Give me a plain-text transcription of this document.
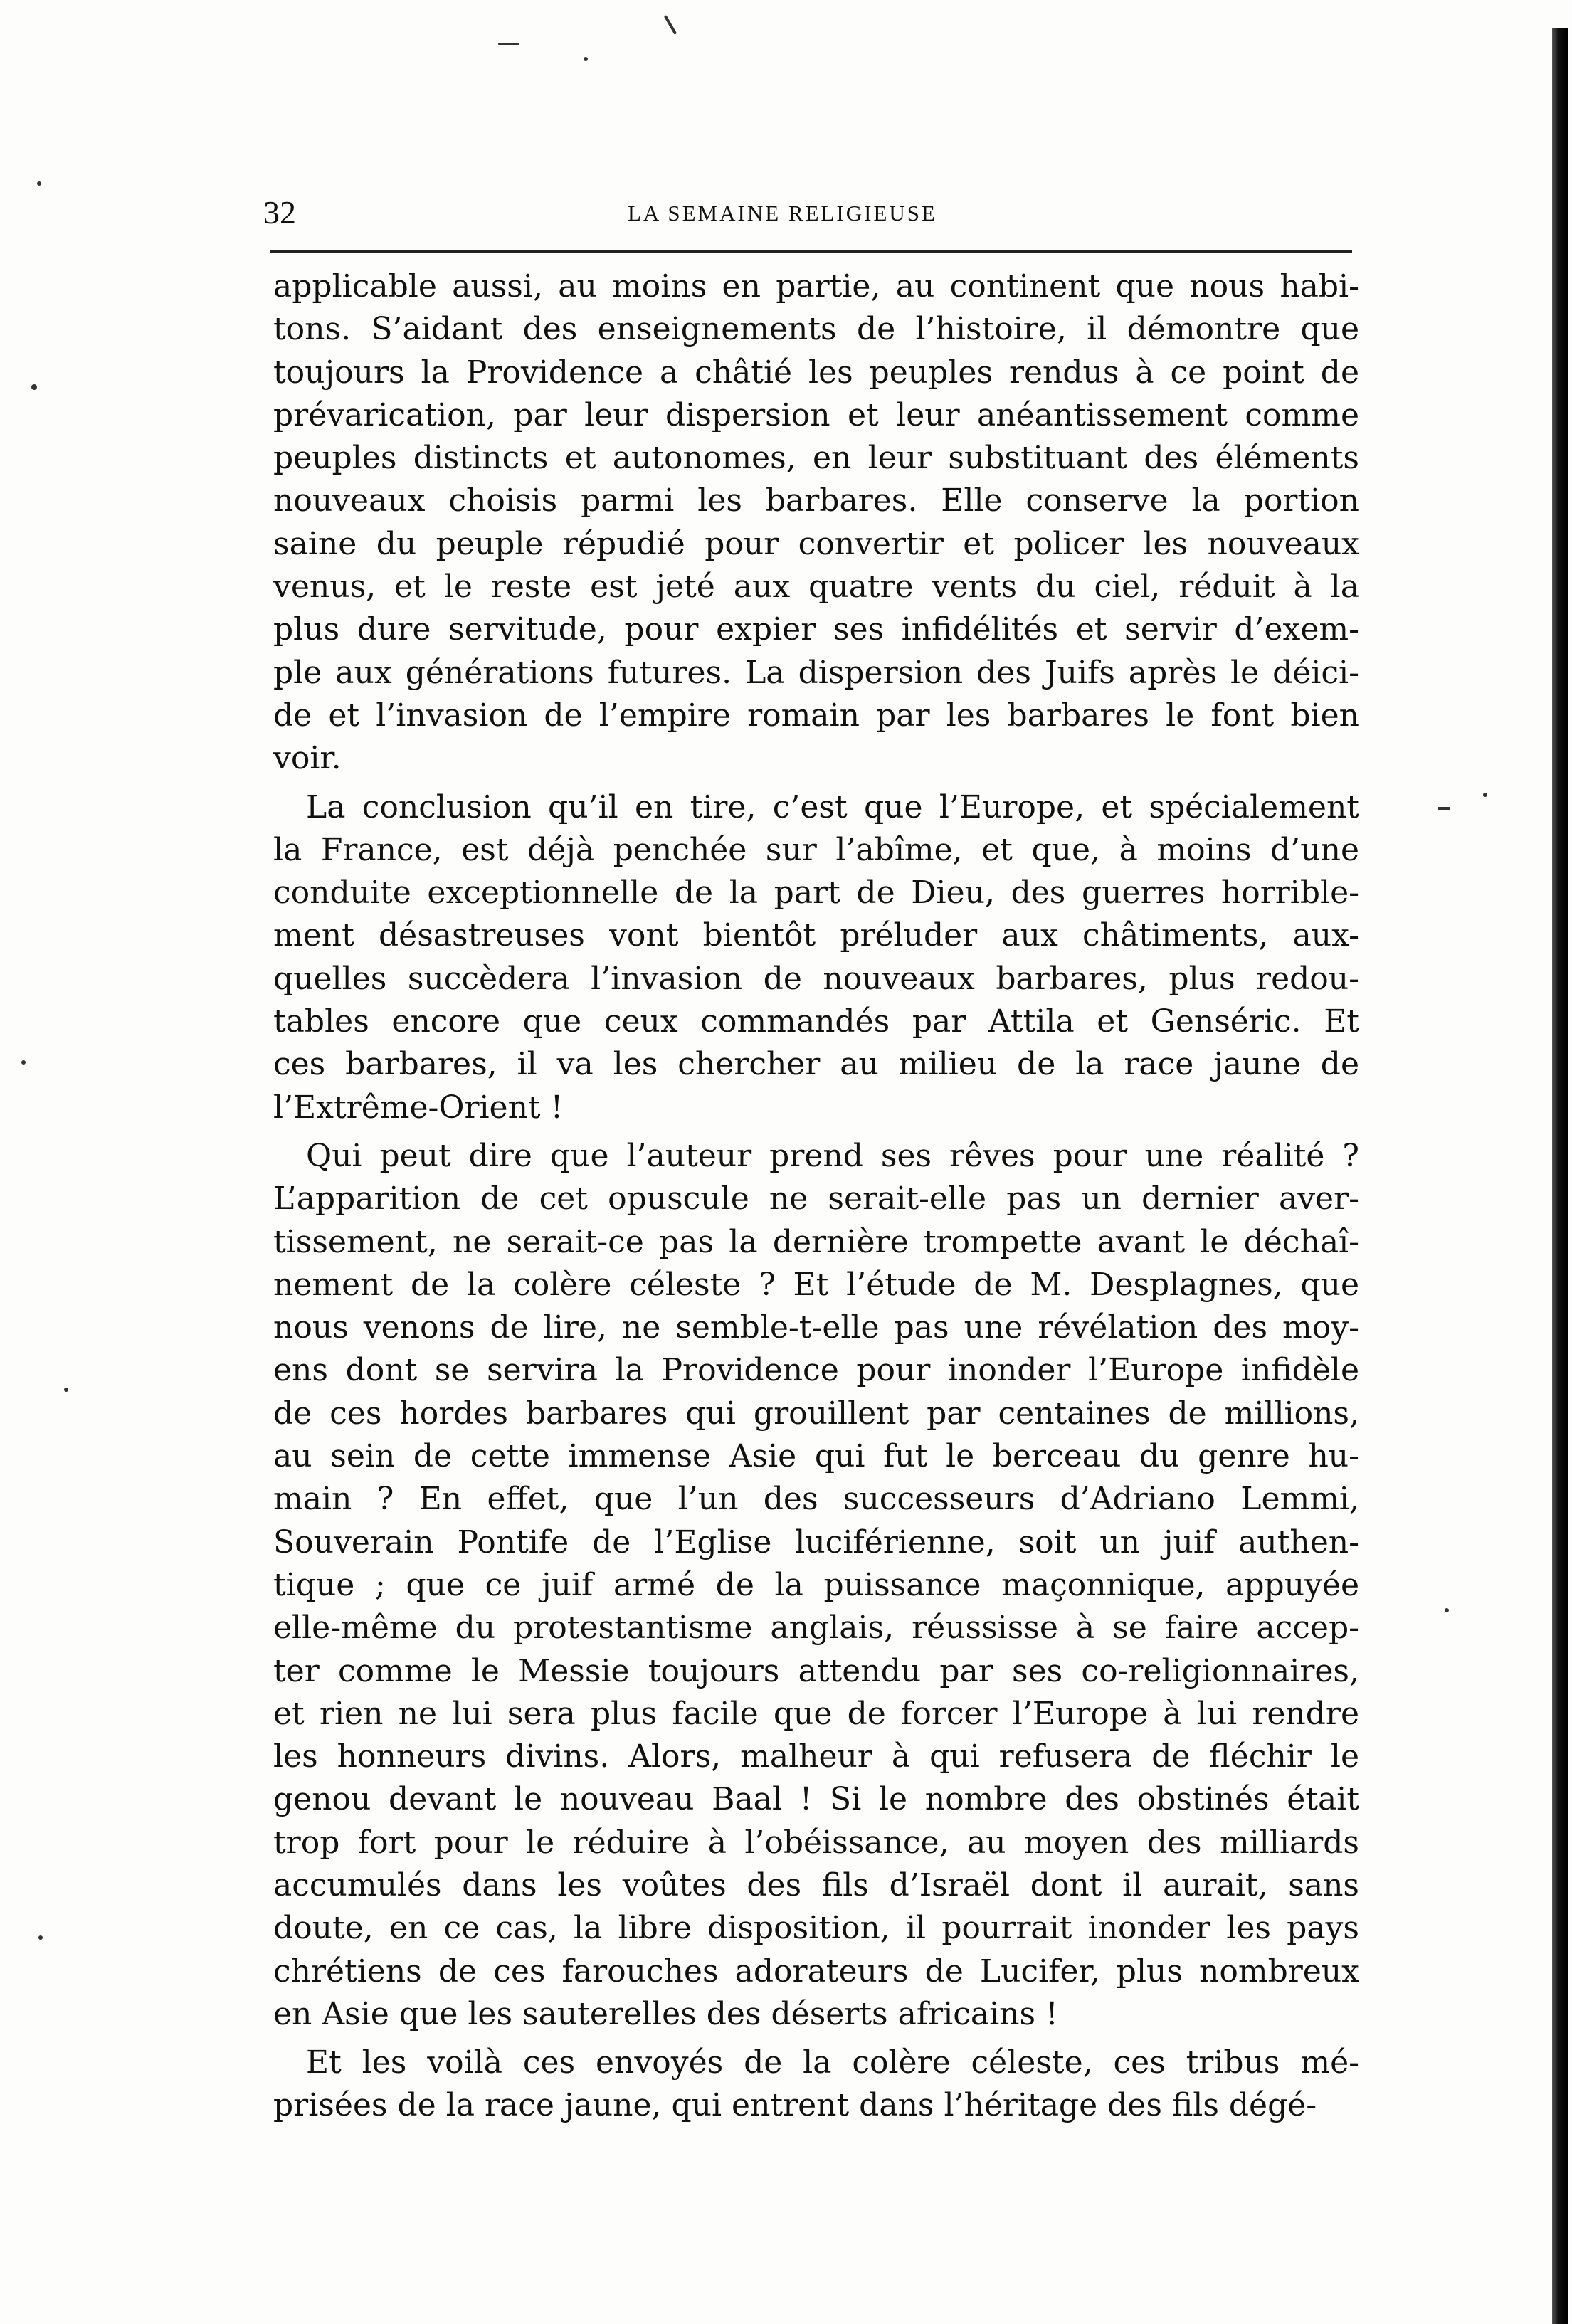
32	LA SEMAINE RELIGIEUSE
applicable aussi, au moins en partie, au continent que nous habi-
tons. S’aidant des enseignements de l’histoire, il démontre que
toujours la Providence a châtié les peuples rendus à ce point de
prévarication, par leur dispersion et leur anéantissement comme
peuples distincts et autonomes, en leur substituant des éléments
nouveaux choisis parmi les barbares. Elle conserve la portion
saine du peuple répudié pour convertir et policer les nouveaux
venus, et le reste est jeté aux quatre vents du ciel, réduit à la
plus dure servitude, pour expier ses infidélités et servir d’exem-
ple aux générations futures. La dispersion des Juifs après le déici-
de et l’invasion de l’empire romain par les barbares le font bien
voir.
La conclusion qu’il en tire, c’est que l’Europe, et spécialement
la France, est déjà penchée sur l’abîme, et que, à moins d’une
conduite exceptionnelle de la part de Dieu, des guerres horrible-
ment désastreuses vont bientôt préluder aux châtiments, aux-
quelles succèdera l’invasion de nouveaux barbares, plus redou-
tables encore que ceux commandés par Attila et Genséric. Et
ces barbares, il va les chercher au milieu de la race jaune de
l’Extrême-Orient !
Qui peut dire que l’auteur prend ses rêves pour une réalité ?
L’apparition de cet opuscule ne serait-elle pas un dernier aver-
tissement, ne serait-ce pas la dernière trompette avant le déchaî-
nement de la colère céleste ? Et l’étude de M. Desplagnes, que
nous venons de lire, ne semble-t-elle pas une révélation des moy-
ens dont se servira la Providence pour inonder l’Europe infidèle
de ces hordes barbares qui grouillent par centaines de millions,
au sein de cette immense Asie qui fut le berceau du genre hu-
main ? En effet, que l’un des successeurs d’Adriano Lemmi,
Souverain Pontife de l’Eglise luciférienne, soit un juif authen-
tique ; que ce juif armé de la puissance maçonnique, appuyée
elle-même du protestantisme anglais, réussisse à se faire accep-
ter comme le Messie toujours attendu par ses co-religionnaires,
et rien ne lui sera plus facile que de forcer l’Europe à lui rendre
les honneurs divins. Alors, malheur à qui refusera de fléchir le
genou devant le nouveau Baal ! Si le nombre des obstinés était
trop fort pour le réduire à l’obéissance, au moyen des milliards
accumulés dans les voûtes des fils d’Israël dont il aurait, sans
doute, en ce cas, la libre disposition, il pourrait inonder les pays
chrétiens de ces farouches adorateurs de Lucifer, plus nombreux
en Asie que les sauterelles des déserts africains !
Et les voilà ces envoyés de la colère céleste, ces tribus mé-
prisées de la race jaune, qui entrent dans l’héritage des fils dégé-
